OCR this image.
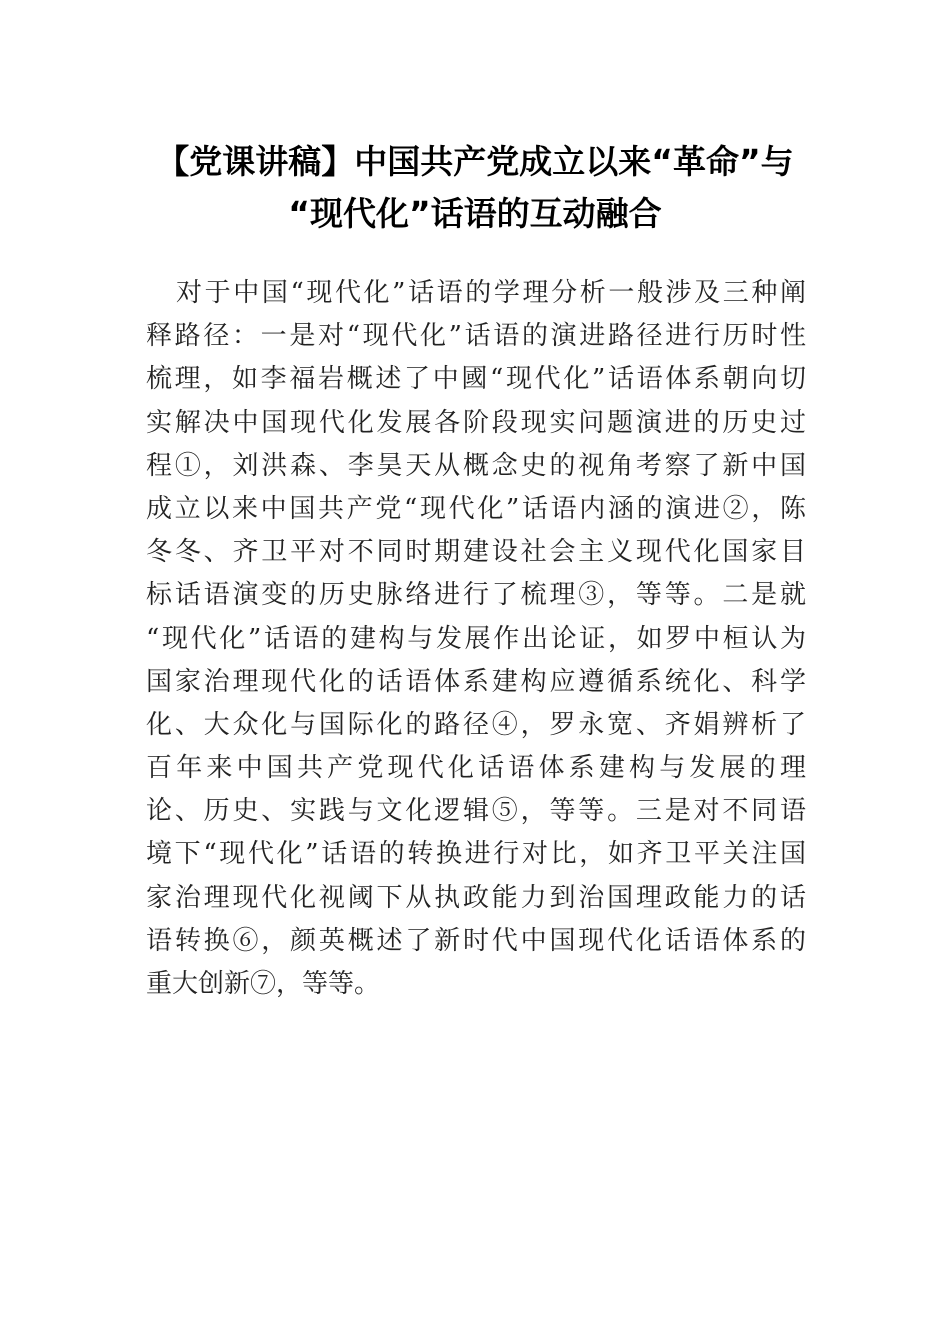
【党课讲稿】中国共产党成立以来“革命”与
“现代化”话语的互动融合
对于中国“现代化”话语的学理分析一般涉及三种阐
释路径：一是对“现代化”话语的演进路径进行历时性
梳理，如李福岩概述了中國“现代化”话语体系朝向切
实解决中国现代化发展各阶段现实问题演进的历史过
程①，刘洪森、李昊天从概念史的视角考察了新中国
成立以来中国共产党“现代化”话语内涵的演进②，陈
冬冬、齐卫平对不同时期建设社会主义现代化国家目
标话语演变的历史脉络进行了梳理③，等等。二是就
“现代化”话语的建构与发展作出论证，如罗中桓认为
国家治理现代化的话语体系建构应遵循系统化、科学
化、大众化与国际化的路径④，罗永宽、齐娟辨析了
百年来中国共产党现代化话语体系建构与发展的理
论、历史、实践与文化逻辑⑤，等等。三是对不同语
境下“现代化”话语的转换进行对比，如齐卫平关注国
家治理现代化视阈下从执政能力到治国理政能力的话
语转换⑥，颜英概述了新时代中国现代化话语体系的
重大创新⑦，等等。
